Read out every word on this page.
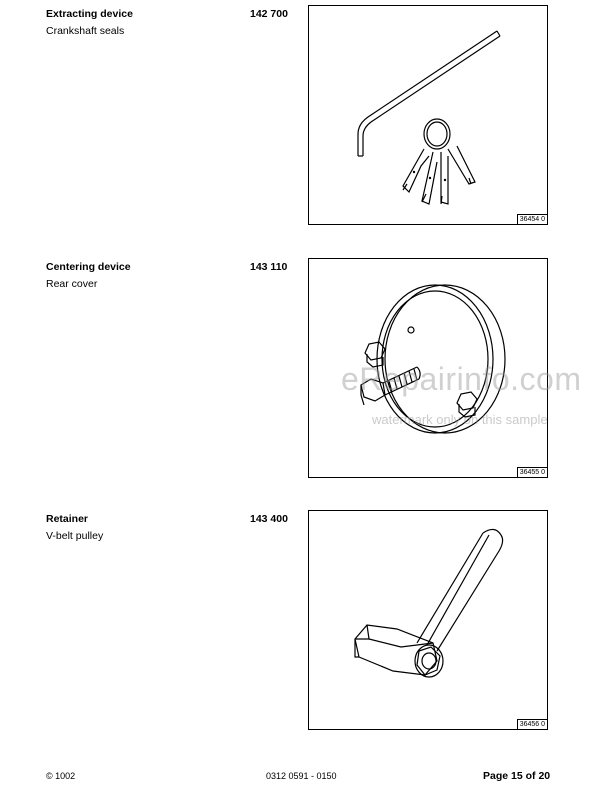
Extracting device
Crankshaft seals
142 700
36454 0
Centering device
Rear cover
143 110
36455 0
Retainer
V-belt pulley
143 400
36456 0
eRepairinfo.com
watermark only on this sample
© 1002	0312 0591 - 0150	Page 15 of 20
